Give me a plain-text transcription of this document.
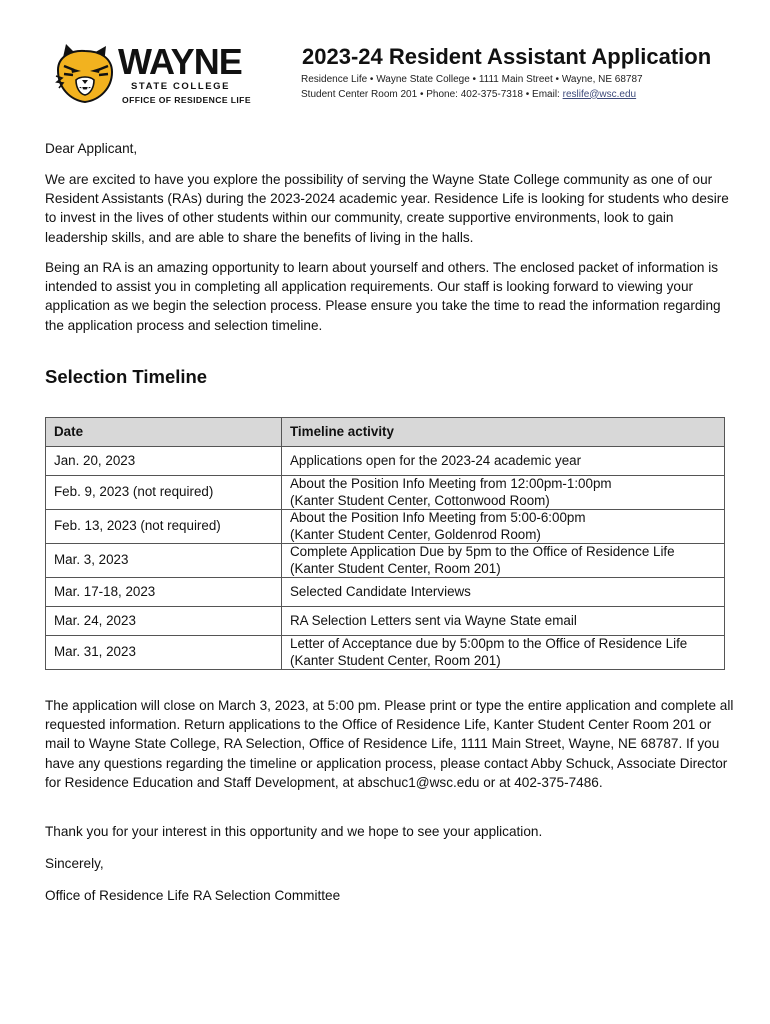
WAYNE
STATE COLLEGE
OFFICE OF RESIDENCE LIFE
2023-24 Resident Assistant Application
Residence Life • Wayne State College • 1111 Main Street • Wayne, NE 68787
Student Center Room 201 • Phone: 402-375-7318 • Email: reslife@wsc.edu

Dear Applicant,

We are excited to have you explore the possibility of serving the Wayne State College community as one of our Resident Assistants (RAs) during the 2023-2024 academic year. Residence Life is looking for students who desire to invest in the lives of other students within our community, create supportive environments, look to gain leadership skills, and are able to share the benefits of living in the halls.

Being an RA is an amazing opportunity to learn about yourself and others. The enclosed packet of information is intended to assist you in completing all application requirements. Our staff is looking forward to viewing your application as we begin the selection process. Please ensure you take the time to read the information regarding the application process and selection timeline.

Selection Timeline
Date	Timeline activity
Jan. 20, 2023	Applications open for the 2023-24 academic year

Feb. 9, 2023 (not required)	About the Position Info Meeting from 12:00pm-1:00pm
(Kanter Student Center, Cottonwood Room)

Feb. 13, 2023 (not required)	About the Position Info Meeting from 5:00-6:00pm
(Kanter Student Center, Goldenrod Room)

Mar. 3, 2023	Complete Application Due by 5pm to the Office of Residence Life
(Kanter Student Center, Room 201)

Mar. 17-18, 2023	Selected Candidate Interviews

Mar. 24, 2023	RA Selection Letters sent via Wayne State email

Mar. 31, 2023	Letter of Acceptance due by 5:00pm to the Office of Residence Life
(Kanter Student Center, Room 201)

The application will close on March 3, 2023, at 5:00 pm. Please print or type the entire application and complete all requested information. Return applications to the Office of Residence Life, Kanter Student Center Room 201 or mail to Wayne State College, RA Selection, Office of Residence Life, 1111 Main Street, Wayne, NE 68787. If you have any questions regarding the timeline or application process, please contact Abby Schuck, Associate Director for Residence Education and Staff Development, at abschuc1@wsc.edu or at 402-375-7486.

Thank you for your interest in this opportunity and we hope to see your application.

Sincerely,

Office of Residence Life RA Selection Committee
